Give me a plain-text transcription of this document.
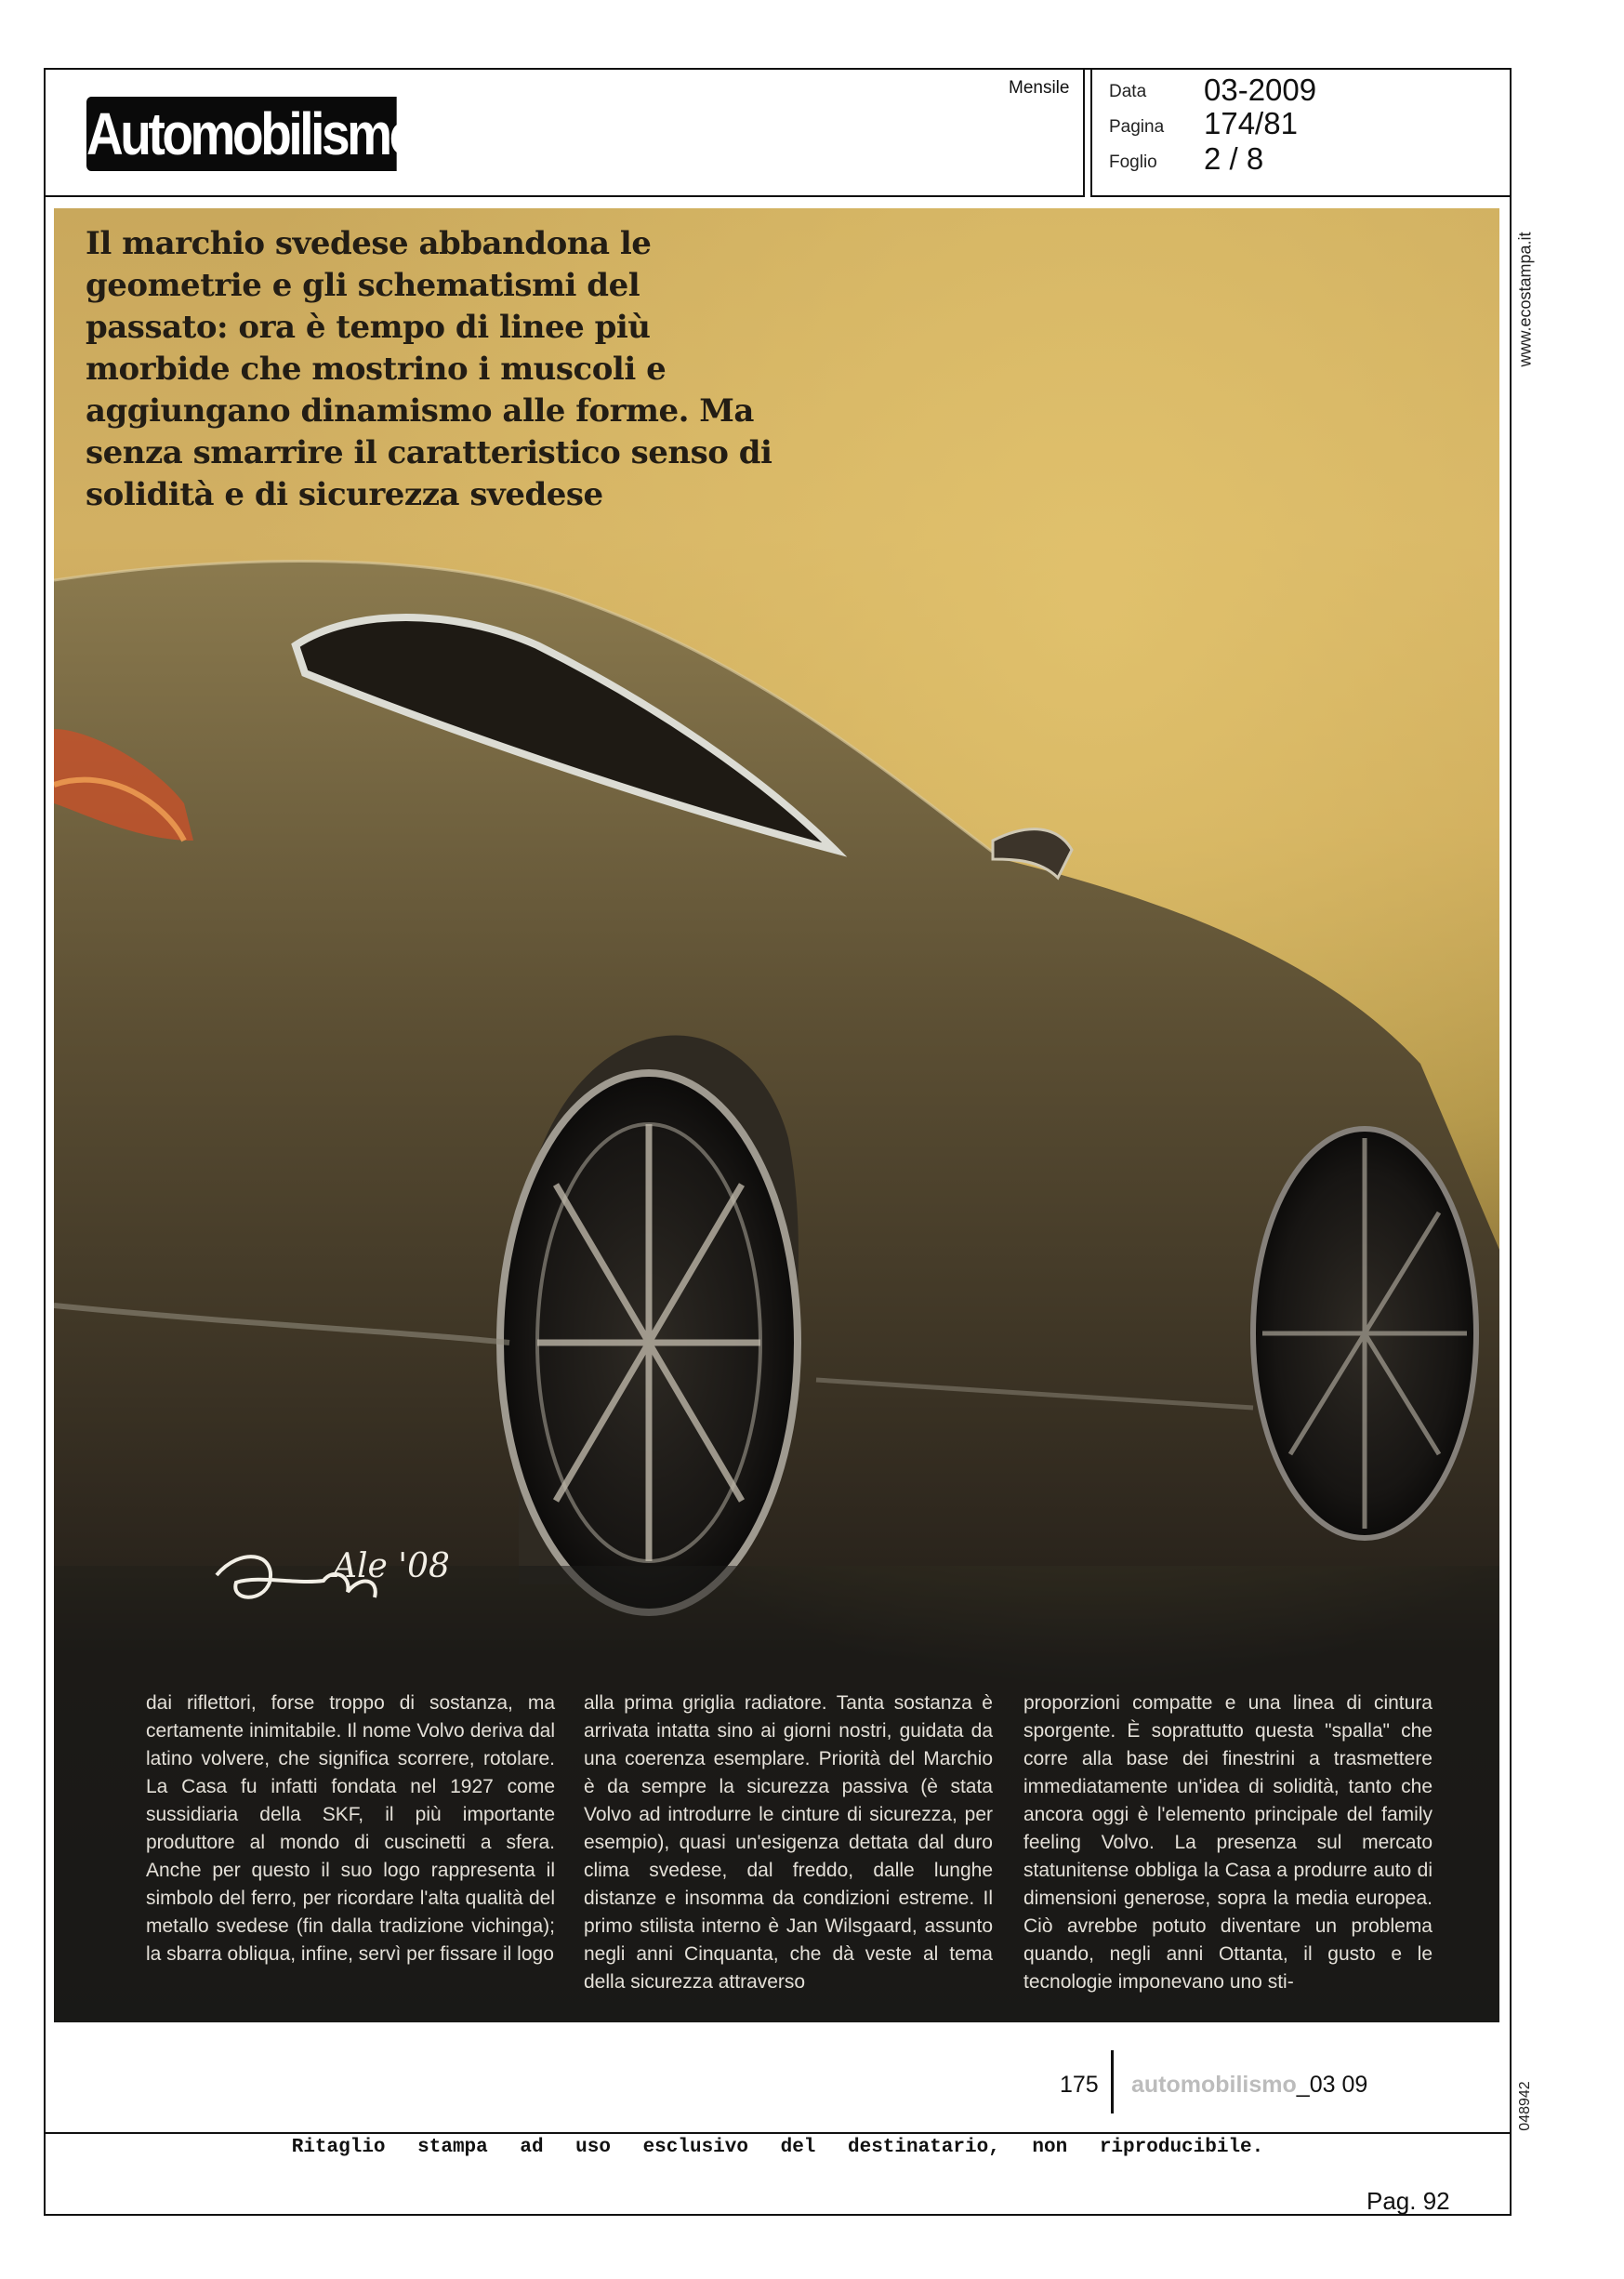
Automobilismo
Mensile Data 03-2009
Pagina 174/81
Foglio 2 / 8
www.ecostampa.it
Ale '08

Il marchio svedese abbandona le geometrie e gli schematismi del passato: ora è tempo di linee più morbide che mostrino i muscoli e aggiungano dinamismo alle forme. Ma senza smarrire il caratteristico senso di solidità e di sicurezza svedese

dai riflettori, forse troppo di sostanza, ma certamente inimitabile. Il nome Volvo deriva dal latino volvere, che significa scorrere, rotolare. La Casa fu infatti fondata nel 1927 come sussidiaria della SKF, il più importante produttore al mondo di cuscinetti a sfera. Anche per questo il suo logo rappresenta il simbolo del ferro, per ricordare l'alta qualità del metallo svedese (fin dalla tradizione vichinga); la sbarra obliqua, infine, servì per fissare il logo

alla prima griglia radiatore. Tanta sostanza è arrivata intatta sino ai giorni nostri, guidata da una coerenza esemplare. Priorità del Marchio è da sempre la sicurezza passiva (è stata Volvo ad introdurre le cinture di sicurezza, per esempio), quasi un'esigenza dettata dal duro clima svedese, dal freddo, dalle lunghe distanze e insomma da condizioni estreme. Il primo stilista interno è Jan Wilsgaard, assunto negli anni Cinquanta, che dà veste al tema della sicurezza attraverso

proporzioni compatte e una linea di cintura sporgente. È soprattutto questa "spalla" che corre alla base dei finestrini a trasmettere immediatamente un'idea di solidità, tanto che ancora oggi è l'elemento principale del family feeling Volvo. La presenza sul mercato statunitense obbliga la Casa a produrre auto di dimensioni generose, sopra la media europea. Ciò avrebbe potuto diventare un problema quando, negli anni Ottanta, il gusto e le tecnologie imponevano uno sti-

175 automobilismo_03 09	048942
Ritaglio stampa ad uso esclusivo del destinatario, non riproducibile.
Pag. 92
